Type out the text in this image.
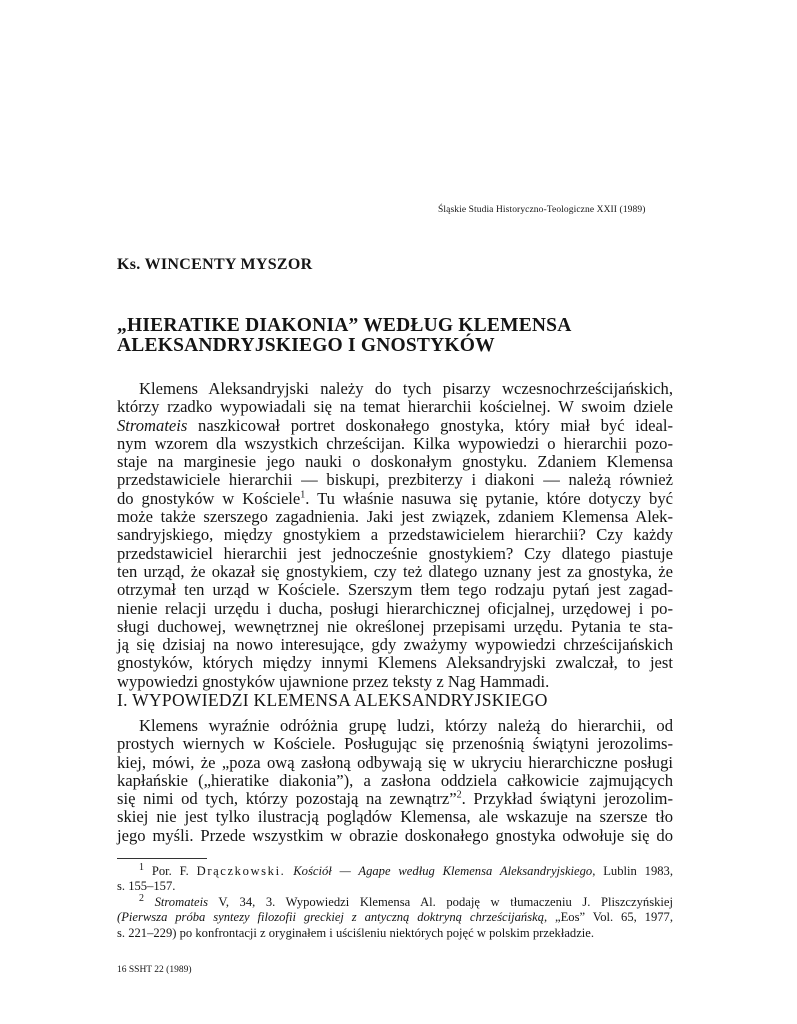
Śląskie Studia Historyczno-Teologiczne XXII (1989)
Ks. WINCENTY MYSZOR
„HIERATIKE DIAKONIA” WEDŁUG KLEMENSA
ALEKSANDRYJSKIEGO I GNOSTYKÓW
Klemens Aleksandryjski należy do tych pisarzy wczesnochrześcijańskich,
którzy rzadko wypowiadali się na temat hierarchii kościelnej. W swoim dziele
Stromateis naszkicował portret doskonałego gnostyka, który miał być ideal-
nym wzorem dla wszystkich chrześcijan. Kilka wypowiedzi o hierarchii pozo-
staje na marginesie jego nauki o doskonałym gnostyku. Zdaniem Klemensa
przedstawiciele hierarchii — biskupi, prezbiterzy i diakoni — należą również
do gnostyków w Kościele$^1$. Tu właśnie nasuwa się pytanie, które dotyczy być
może także szerszego zagadnienia. Jaki jest związek, zdaniem Klemensa Alek-
sandryjskiego, między gnostykiem a przedstawicielem hierarchii? Czy każdy
przedstawiciel hierarchii jest jednocześnie gnostykiem? Czy dlatego piastuje
ten urząd, że okazał się gnostykiem, czy też dlatego uznany jest za gnostyka, że
otrzymał ten urząd w Kościele. Szerszym tłem tego rodzaju pytań jest zagad-
nienie relacji urzędu i ducha, posługi hierarchicznej oficjalnej, urzędowej i po-
sługi duchowej, wewnętrznej nie określonej przepisami urzędu. Pytania te sta-
ją się dzisiaj na nowo interesujące, gdy zważymy wypowiedzi chrześcijańskich
gnostyków, których między innymi Klemens Aleksandryjski zwalczał, to jest
wypowiedzi gnostyków ujawnione przez teksty z Nag Hammadi.
I. WYPOWIEDZI KLEMENSA ALEKSANDRYJSKIEGO
Klemens wyraźnie odróżnia grupę ludzi, którzy należą do hierarchii, od
prostych wiernych w Kościele. Posługując się przenośnią świątyni jerozolims-
kiej, mówi, że „poza ową zasłoną odbywają się w ukryciu hierarchiczne posługi
kapłańskie („hieratike diakonia”), a zasłona oddziela całkowicie zajmujących
się nimi od tych, którzy pozostają na zewnątrz”$^2$. Przykład świątyni jerozolim-
skiej nie jest tylko ilustracją poglądów Klemensa, ale wskazuje na szersze tło
jego myśli. Przede wszystkim w obrazie doskonałego gnostyka odwołuje się do
$^1$ Por. F. Drączkowski. Kościół — Agape według Klemensa Aleksandryjskiego, Lublin 1983,
s. 155–157.
$^2$ Stromateis V, 34, 3. Wypowiedzi Klemensa Al. podaję w tłumaczeniu J. Pliszczyńskiej
(Pierwsza próba syntezy filozofii greckiej z antyczną doktryną chrześcijańską, „Eos” Vol. 65, 1977,
s. 221–229) po konfrontacji z oryginałem i uściśleniu niektórych pojęć w polskim przekładzie.
16 SSHT 22 (1989)
